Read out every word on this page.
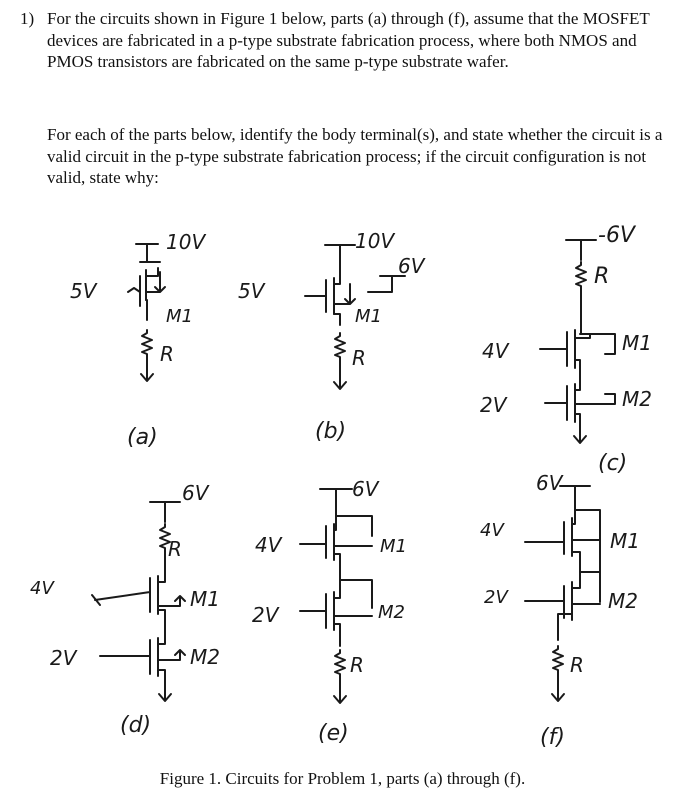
1) For the circuits shown in Figure 1 below, parts (a) through (f), assume that the MOSFET devices are fabricated in a p-type substrate fabrication process, where both NMOS and PMOS transistors are fabricated on the same p-type substrate wafer.
For each of the parts below, identify the body terminal(s), and state whether the circuit is a valid circuit in the p-type substrate fabrication process; if the circuit configuration is not valid, state why:
10V
5V
M1
R
(a)
10V
6V
5V
M1
R
(b)
-6V
R
4V	M1
2V	M2
(c)
6V
R
4V	M1
2V	M2
(d)
6V
4V	M1
2V	M2
R
(e)
6V
4V	M1
2V	M2
R
(f)
Figure 1. Circuits for Problem 1, parts (a) through (f).
